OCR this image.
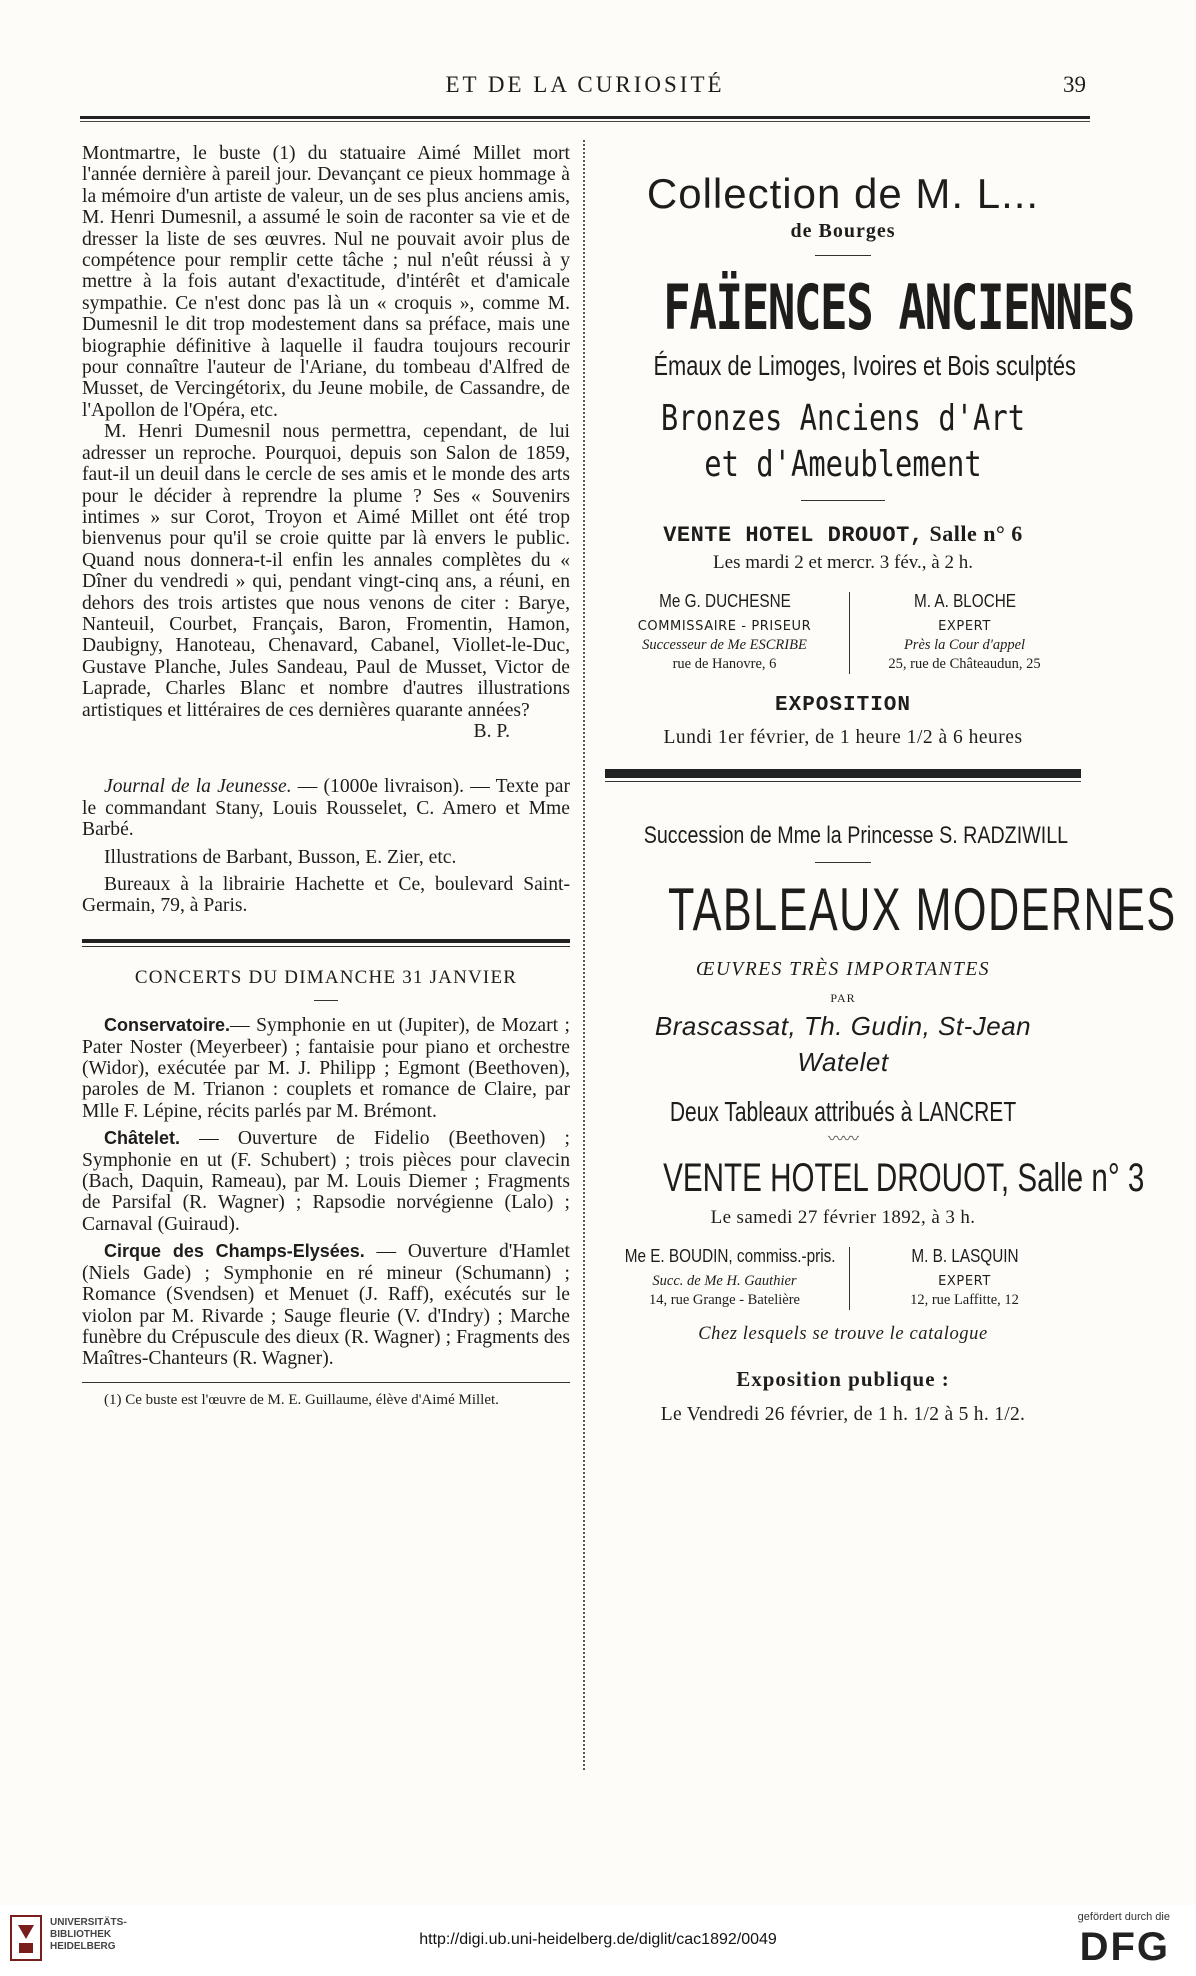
ET DE LA CURIOSITÉ	39

Montmartre, le buste (1) du statuaire Aimé Millet mort l'année dernière à pareil jour. Devançant ce pieux hommage à la mémoire d'un artiste de valeur, un de ses plus anciens amis, M. Henri Dumesnil, a assumé le soin de raconter sa vie et de dresser la liste de ses œuvres. Nul ne pouvait avoir plus de compétence pour remplir cette tâche ; nul n'eût réussi à y mettre à la fois autant d'exactitude, d'intérêt et d'amicale sympathie. Ce n'est donc pas là un « croquis », comme M. Dumesnil le dit trop modestement dans sa préface, mais une biographie définitive à laquelle il faudra toujours recourir pour connaître l'auteur de l'Ariane, du tombeau d'Alfred de Musset, de Vercingétorix, du Jeune mobile, de Cassandre, de l'Apollon de l'Opéra, etc.

M. Henri Dumesnil nous permettra, cependant, de lui adresser un reproche. Pourquoi, depuis son Salon de 1859, faut-il un deuil dans le cercle de ses amis et le monde des arts pour le décider à reprendre la plume ? Ses « Souvenirs intimes » sur Corot, Troyon et Aimé Millet ont été trop bienvenus pour qu'il se croie quitte par là envers le public. Quand nous donnera-t-il enfin les annales complètes du « Dîner du vendredi » qui, pendant vingt-cinq ans, a réuni, en dehors des trois artistes que nous venons de citer : Barye, Nanteuil, Courbet, Français, Baron, Fromentin, Hamon, Daubigny, Hanoteau, Chenavard, Cabanel, Viollet-le-Duc, Gustave Planche, Jules Sandeau, Paul de Musset, Victor de Laprade, Charles Blanc et nombre d'autres illustrations artistiques et littéraires de ces dernières quarante années?

B. P.

Journal de la Jeunesse. — (1000e livraison). — Texte par le commandant Stany, Louis Rousselet, C. Amero et Mme Barbé.

Illustrations de Barbant, Busson, E. Zier, etc.

Bureaux à la librairie Hachette et Ce, boulevard Saint-Germain, 79, à Paris.

CONCERTS DU DIMANCHE 31 JANVIER

Conservatoire.— Symphonie en ut (Jupiter), de Mozart ; Pater Noster (Meyerbeer) ; fantaisie pour piano et orchestre (Widor), exécutée par M. J. Philipp ; Egmont (Beethoven), paroles de M. Trianon : couplets et romance de Claire, par Mlle F. Lépine, récits parlés par M. Brémont.

Châtelet. — Ouverture de Fidelio (Beethoven) ; Symphonie en ut (F. Schubert) ; trois pièces pour clavecin (Bach, Daquin, Rameau), par M. Louis Diemer ; Fragments de Parsifal (R. Wagner) ; Rapsodie norvégienne (Lalo) ; Carnaval (Guiraud).

Cirque des Champs-Elysées. — Ouverture d'Hamlet (Niels Gade) ; Symphonie en ré mineur (Schumann) ; Romance (Svendsen) et Menuet (J. Raff), exécutés sur le violon par M. Rivarde ; Sauge fleurie (V. d'Indry) ; Marche funèbre du Crépuscule des dieux (R. Wagner) ; Fragments des Maîtres-Chanteurs (R. Wagner).

(1) Ce buste est l'œuvre de M. E. Guillaume, élève d'Aimé Millet.

Collection de M. L...
de Bourges
FAÏENCES ANCIENNES
Émaux de Limoges, Ivoires et Bois sculptés
Bronzes Anciens d'Art
et d'Ameublement
VENTE HOTEL DROUOT, Salle n° 6
Les mardi 2 et mercr. 3 fév., à 2 h.
Me G. DUCHESNE
COMMISSAIRE - PRISEUR
Successeur de Me ESCRIBE
rue de Hanovre, 6
M. A. BLOCHE
EXPERT
Près la Cour d'appel
25, rue de Châteaudun, 25
EXPOSITION
Lundi 1er février, de 1 heure 1/2 à 6 heures
Succession de Mme la Princesse S. RADZIWILL
TABLEAUX MODERNES
ŒUVRES TRÈS IMPORTANTES
PAR
Brascassat, Th. Gudin, St-Jean
Watelet
Deux Tableaux attribués à LANCRET
〰〰
VENTE HOTEL DROUOT, Salle n° 3
Le samedi 27 février 1892, à 3 h.
Me E. BOUDIN, commiss.-pris.
Succ. de Me H. Gauthier
14, rue Grange - Batelière
M. B. LASQUIN
EXPERT
12, rue Laffitte, 12
Chez lesquels se trouve le catalogue
Exposition publique :
Le Vendredi 26 février, de 1 h. 1/2 à 5 h. 1/2.
UNIVERSITÄTS-
BIBLIOTHEK
HEIDELBERG	http://digi.ub.uni-heidelberg.de/diglit/cac1892/0049
gefördert durch die
DFG
